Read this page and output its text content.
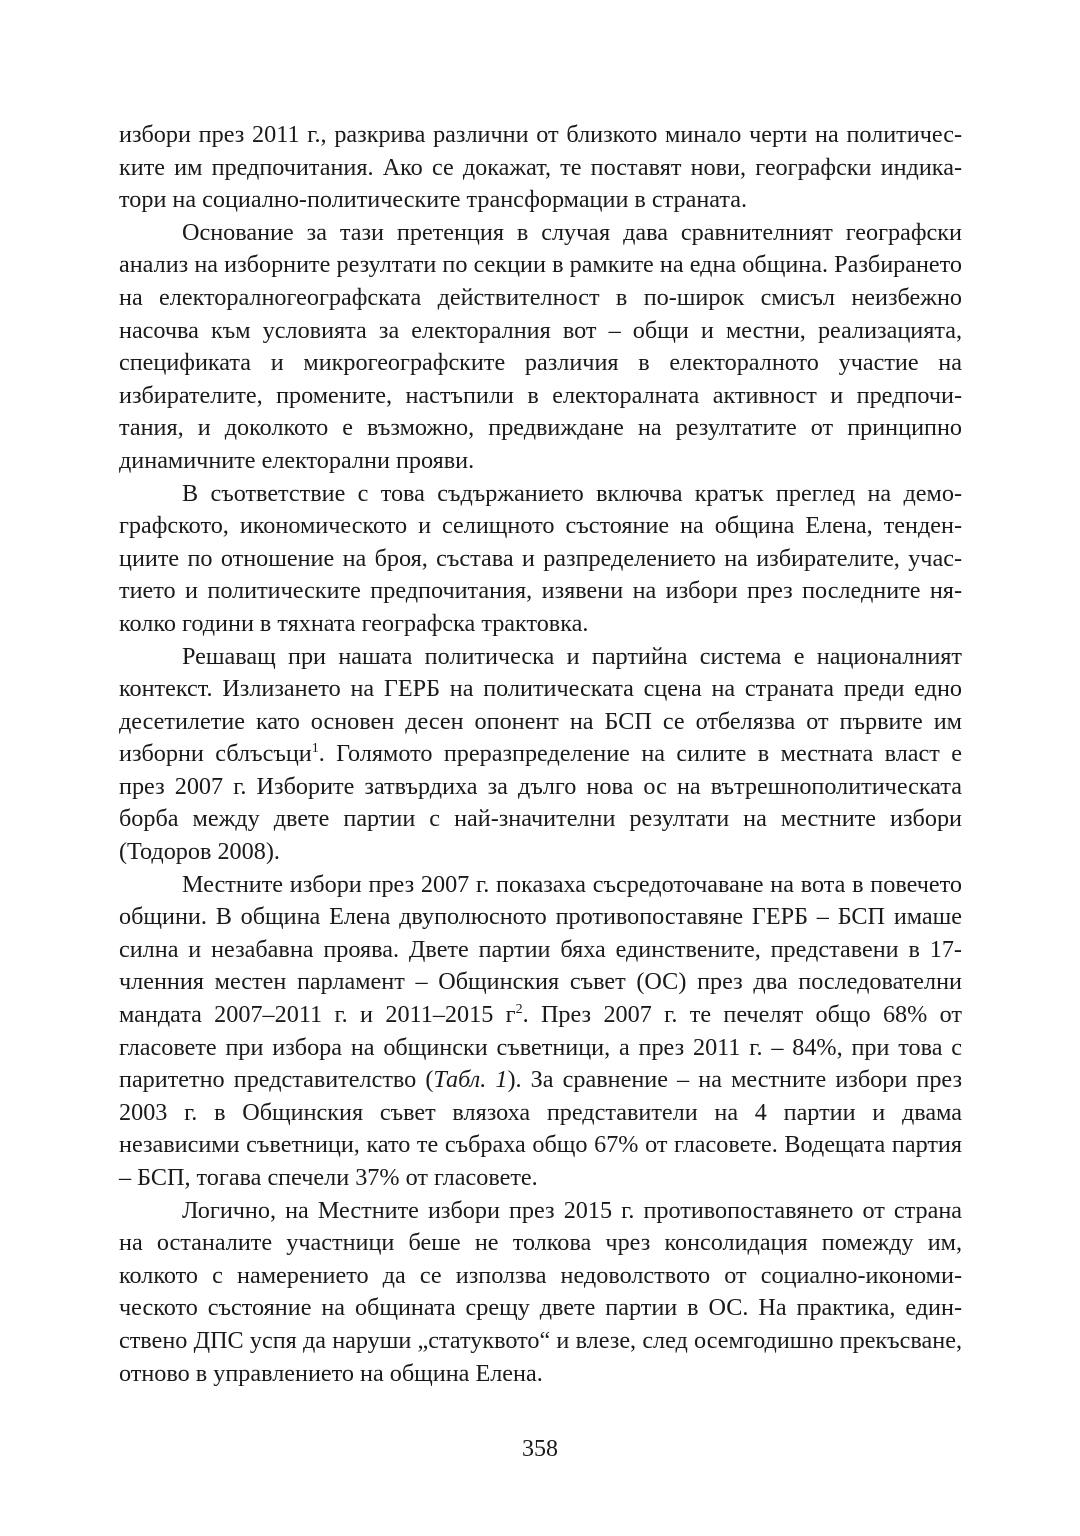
избори през 2011 г., разкрива различни от близкото минало черти на политическите им предпочитания. Ако се докажат, те поставят нови, географски индикатори на социално-политическите трансформации в страната.

Основание за тази претенция в случая дава сравнителният географски анализ на изборните резултати по секции в рамките на една община. Разбирането на електоралногеографската действителност в по-широк смисъл неизбежно насочва към условията за електоралния вот – общи и местни, реализацията, спецификата и микрогеографските различия в електоралното участие на избирателите, промените, настъпили в електоралната активност и предпочитания, и доколкото е възможно, предвиждане на резултатите от принципно динамичните електорални прояви.

В съответствие с това съдържанието включва кратък преглед на демографското, икономическото и селищното състояние на община Елена, тенденциите по отношение на броя, състава и разпределението на избирателите, участието и политическите предпочитания, изявени на избори през последните няколко години в тяхната географска трактовка.

Решаващ при нашата политическа и партийна система е националният контекст. Излизането на ГЕРБ на политическата сцена на страната преди едно десетилетие като основен десен опонент на БСП се отбелязва от първите им изборни сблъсъци$^1$. Голямото преразпределение на силите в местната власт е през 2007 г. Изборите затвърдиха за дълго нова ос на вътрешнополитическата борба между двете партии с най-значителни резултати на местните избори (Тодоров 2008).

Местните избори през 2007 г. показаха съсредоточаване на вота в повечето общини. В община Елена двуполюсното противопоставяне ГЕРБ – БСП имаше силна и незабавна проява. Двете партии бяха единствените, представени в 17-членния местен парламент – Общинския съвет (ОС) през два последователни мандата 2007–2011 г. и 2011–2015 $г^2$. През 2007 г. те печелят общо 68% от гласовете при избора на общински съветници, а през 2011 г. – 84%, при това с паритетно представителство (Табл. 1). За сравнение – на местните избори през 2003 г. в Общинския съвет влязоха представители на 4 партии и двама независими съветници, като те събраха общо 67% от гласовете. Водещата партия – БСП, тогава спечели 37% от гласовете.

Логично, на Местните избори през 2015 г. противопоставянето от страна на останалите участници беше не толкова чрез консолидация помежду им, колкото с намерението да се използва недоволството от социално-икономическото състояние на общината срещу двете партии в ОС. На практика, единствено ДПС успя да наруши „статуквото“ и влезе, след осемгодишно прекъсване, отново в управлението на община Елена.

358
